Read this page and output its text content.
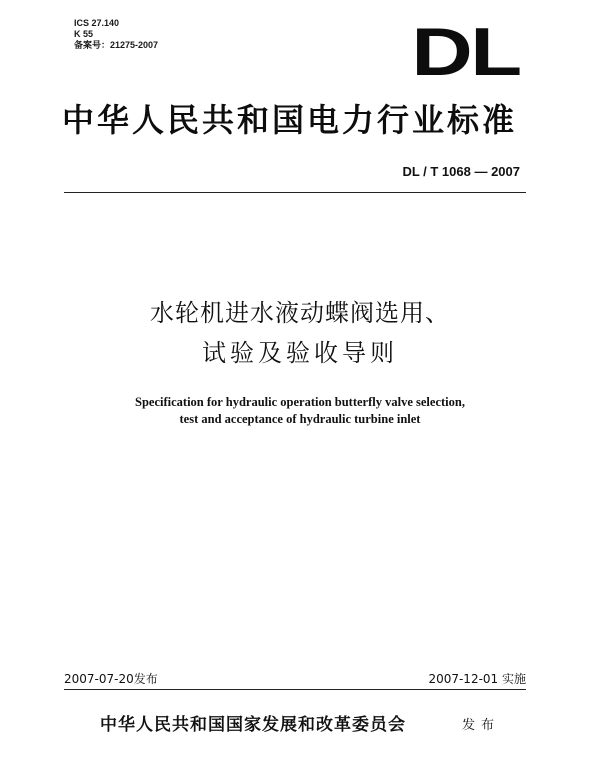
ICS 27.140
K 55
备案号：21275-2007	DL
中华人民共和国电力行业标准
DL / T 1068 — 2007
水轮机进水液动蝶阀选用、
试验及验收导则
Specification for hydraulic operation butterfly valve selection,
test and acceptance of hydraulic turbine inlet
2007-07-20发布	2007-12-01 实施
中华人民共和国国家发展和改革委员会	发布
